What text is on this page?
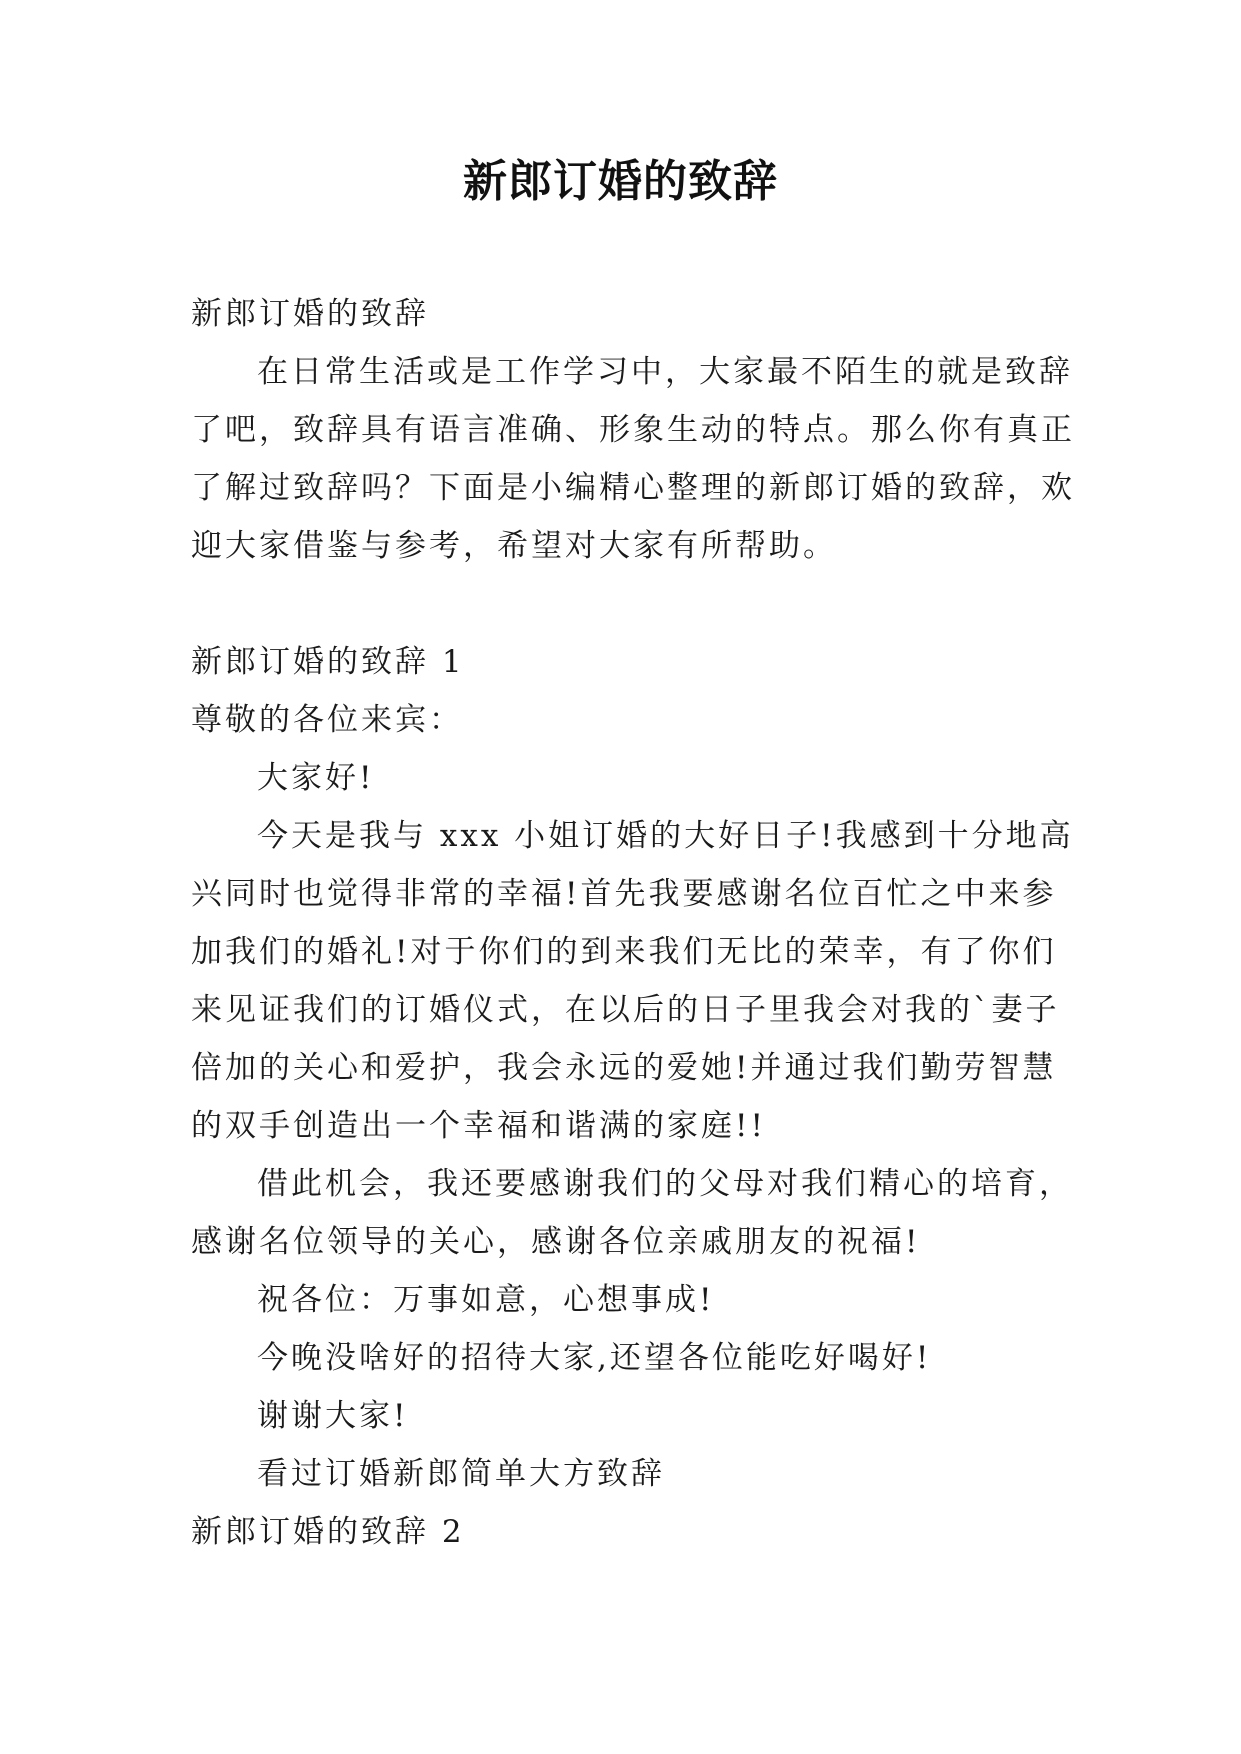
新郎订婚的致辞
新郎订婚的致辞
在日常生活或是工作学习中，大家最不陌生的就是致辞
了吧，致辞具有语言准确、形象生动的特点。那么你有真正
了解过致辞吗？下面是小编精心整理的新郎订婚的致辞，欢
迎大家借鉴与参考，希望对大家有所帮助。
新郎订婚的致辞 1
尊敬的各位来宾：
大家好!
今天是我与 xxx 小姐订婚的大好日子!我感到十分地高
兴同时也觉得非常的幸福!首先我要感谢名位百忙之中来参
加我们的婚礼!对于你们的到来我们无比的荣幸，有了你们
来见证我们的订婚仪式，在以后的日子里我会对我的`妻子
倍加的关心和爱护，我会永远的爱她!并通过我们勤劳智慧
的双手创造出一个幸福和谐满的家庭!!
借此机会，我还要感谢我们的父母对我们精心的培育，
感谢名位领导的关心，感谢各位亲戚朋友的祝福!
祝各位：万事如意，心想事成!
今晚没啥好的招待大家,还望各位能吃好喝好!
谢谢大家!
看过订婚新郎简单大方致辞
新郎订婚的致辞 2
